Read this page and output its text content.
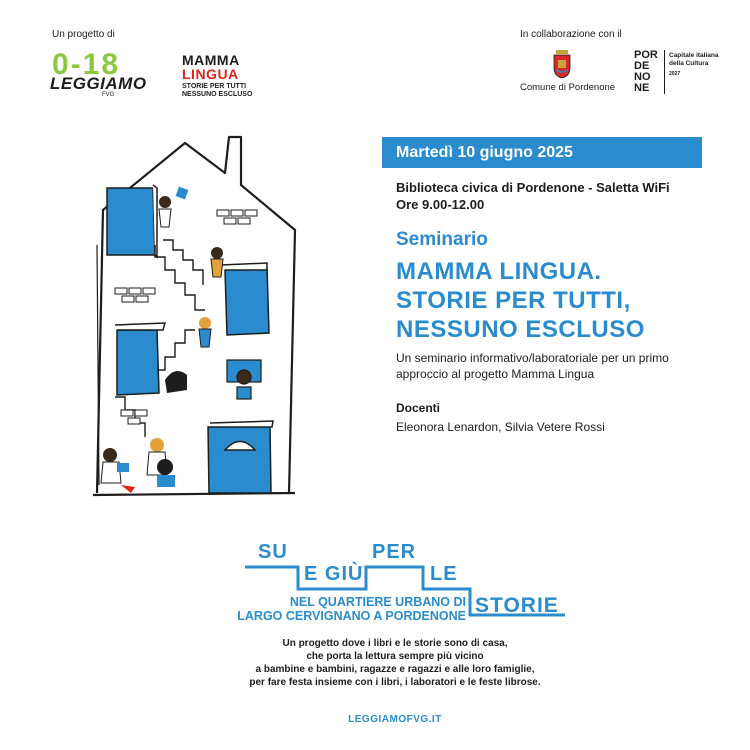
Un progetto di	In collaborazione con il
0-18
LEGGIAMO
FVG
MAMMA
LINGUA
STORIE PER TUTTI
NESSUNO ESCLUSO
Comune di Pordenone
POR
DE
NO
NE
Capitale italiana
della Cultura
2027
Martedì 10 giugno 2025
Biblioteca civica di Pordenone - Saletta WiFi
Ore 9.00-12.00
Seminario
MAMMA LINGUA.
STORIE PER TUTTI,
NESSUNO ESCLUSO
Un seminario informativo/laboratoriale per un primo approccio al progetto Mamma Lingua
Docenti
Eleonora Lenardon, Silvia Vetere Rossi
SU
E GIÙ
PER
LE
STORIE
NEL QUARTIERE URBANO DI
LARGO CERVIGNANO A PORDENONE
Un progetto dove i libri e le storie sono di casa,
che porta la lettura sempre più vicino
a bambine e bambini, ragazze e ragazzi e alle loro famiglie,
per fare festa insieme con i libri, i laboratori e le feste librose.
LEGGIAMOFVG.IT
